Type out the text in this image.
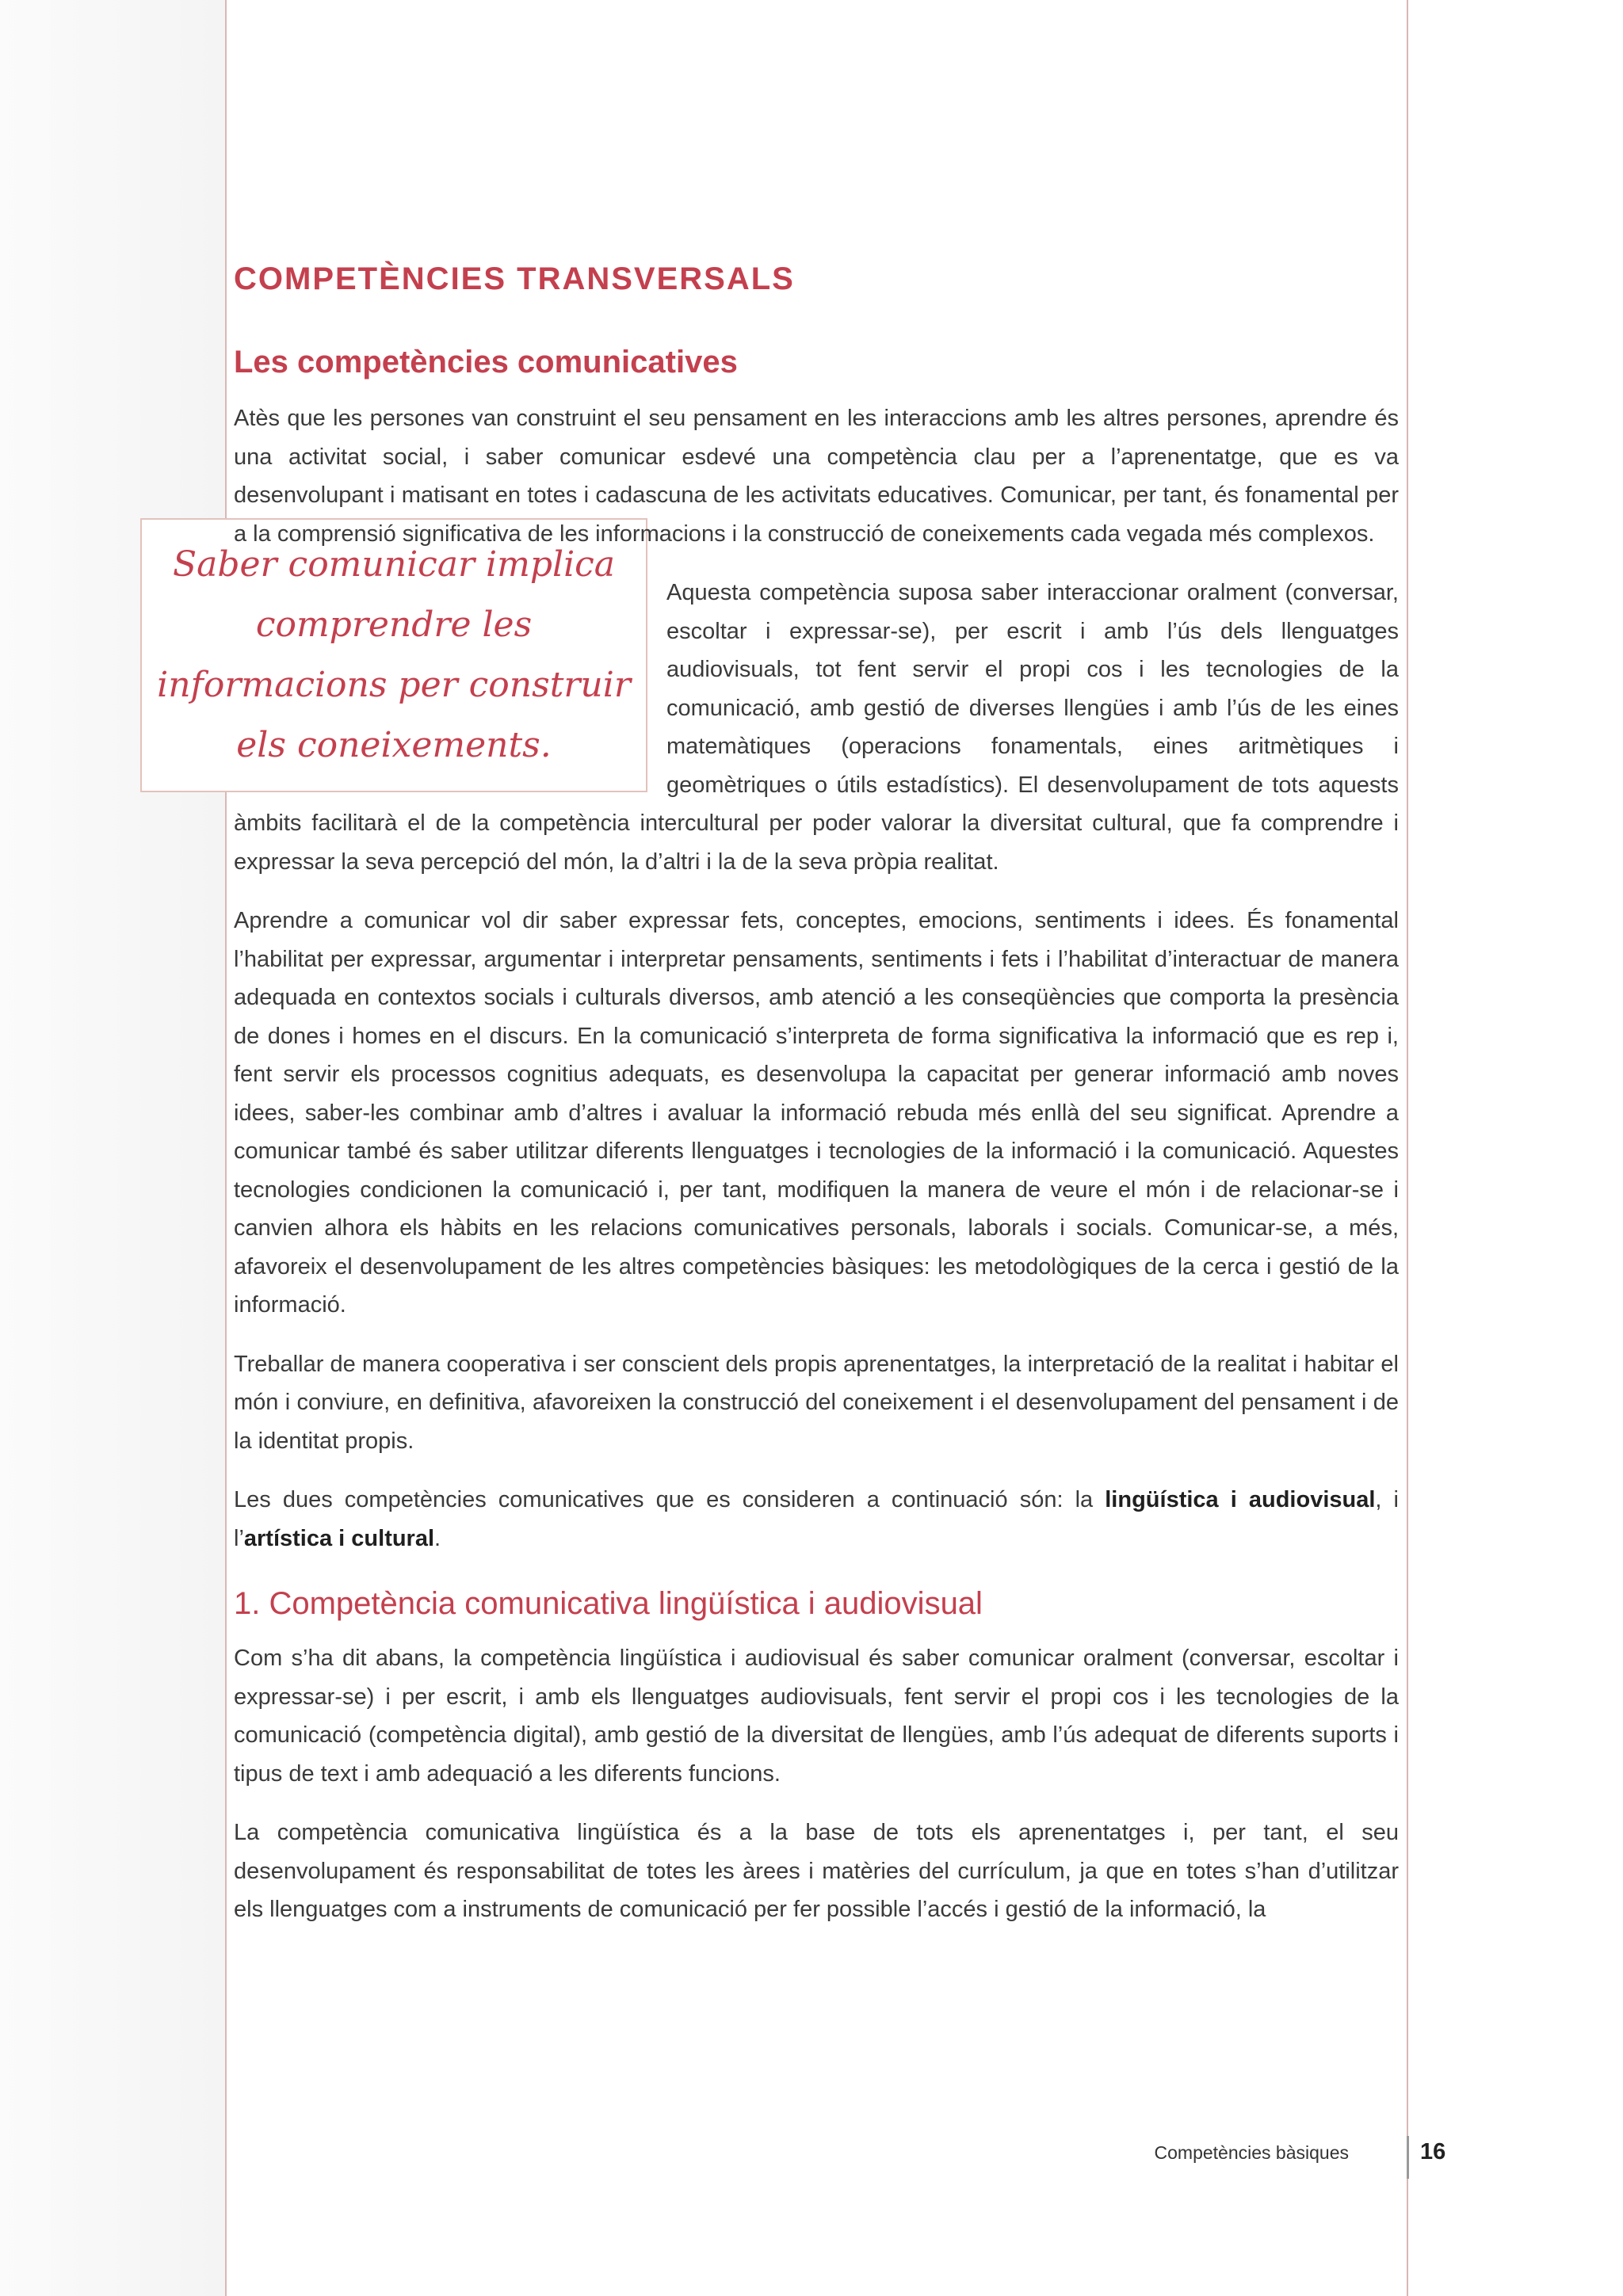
COMPETÈNCIES TRANSVERSALS
Les competències comunicatives

Atès que les persones van construint el seu pensament en les interaccions amb les altres persones, aprendre és una activitat social, i saber comunicar esdevé una competència clau per a l’aprenentatge, que es va desenvolupant i matisant en totes i cadascuna de les activitats educatives. Comunicar, per tant, és fonamental per a la comprensió significativa de les informacions i la construcció de coneixements cada vegada més complexos.

Saber comunicar implica comprendre les informacions per construir els coneixements.

Aquesta competència suposa saber interaccionar oralment (conversar, escoltar i expressar-se), per escrit i amb l’ús dels llenguatges audiovisuals, tot fent servir el propi cos i les tecnologies de la comunicació, amb gestió de diverses llengües i amb l’ús de les eines matemàtiques (operacions fonamentals, eines aritmètiques i geomètriques o útils estadístics). El desenvolupament de tots aquests àmbits facilitarà el de la competència intercultural per poder valorar la diversitat cultural, que fa comprendre i expressar la seva percepció del món, la d’altri i la de la seva pròpia realitat.

Aprendre a comunicar vol dir saber expressar fets, conceptes, emocions, sentiments i idees. És fonamental l’habilitat per expressar, argumentar i interpretar pensaments, sentiments i fets i l’habilitat d’interactuar de manera adequada en contextos socials i culturals diversos, amb atenció a les conseqüències que comporta la presència de dones i homes en el discurs. En la comunicació s’interpreta de forma significativa la informació que es rep i, fent servir els processos cognitius adequats, es desenvolupa la capacitat per generar informació amb noves idees, saber-les combinar amb d’altres i avaluar la informació rebuda més enllà del seu significat. Aprendre a comunicar també és saber utilitzar diferents llenguatges i tecnologies de la informació i la comunicació. Aquestes tecnologies condicionen la comunicació i, per tant, modifiquen la manera de veure el món i de relacionar-se i canvien alhora els hàbits en les relacions comunicatives personals, laborals i socials. Comunicar-se, a més, afavoreix el desenvolupament de les altres competències bàsiques: les metodològiques de la cerca i gestió de la informació.

Treballar de manera cooperativa i ser conscient dels propis aprenentatges, la interpretació de la realitat i habitar el món i conviure, en definitiva, afavoreixen la construcció del coneixement i el desenvolupament del pensament i de la identitat propis.

Les dues competències comunicatives que es consideren a continuació són: la lingüística i audiovisual, i l’artística i cultural.

1. Competència comunicativa lingüística i audiovisual

Com s’ha dit abans, la competència lingüística i audiovisual és saber comunicar oralment (conversar, escoltar i expressar-se) i per escrit, i amb els llenguatges audiovisuals, fent servir el propi cos i les tecnologies de la comunicació (competència digital), amb gestió de la diversitat de llengües, amb l’ús adequat de diferents suports i tipus de text i amb adequació a les diferents funcions.

La competència comunicativa lingüística és a la base de tots els aprenentatges i, per tant, el seu desenvolupament és responsabilitat de totes les àrees i matèries del currículum, ja que en totes s’han d’utilitzar els llenguatges com a instruments de comunicació per fer possible l’accés i gestió de la informació, la

Competències bàsiques	16
